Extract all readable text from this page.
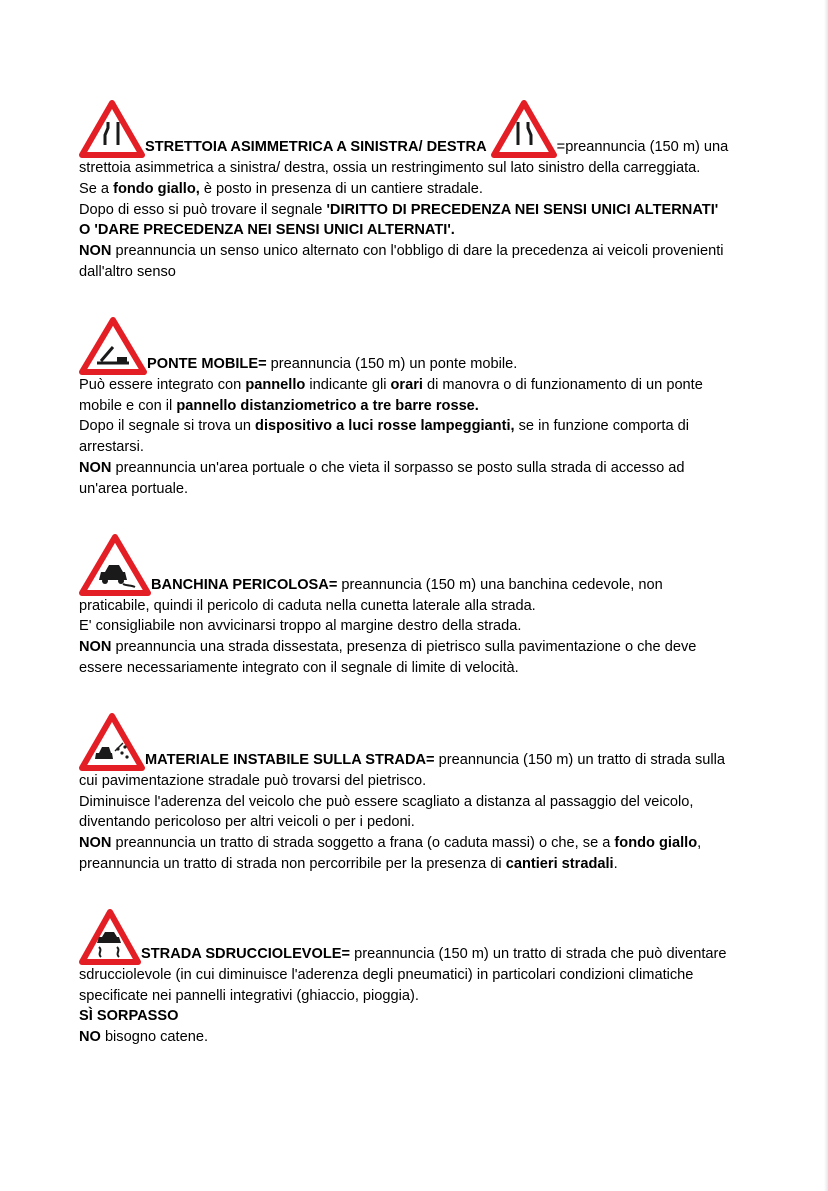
STRETTOIA ASIMMETRICA A SINISTRA/ DESTRA	=preannuncia (150 m) una strettoia asimmetrica a sinistra/ destra, ossia un restringimento sul lato sinistro della carreggiata.

Se a fondo giallo, è posto in presenza di un cantiere stradale.

Dopo di esso si può trovare il segnale 'DIRITTO DI PRECEDENZA NEI SENSI UNICI ALTERNATI' O 'DARE PRECEDENZA NEI SENSI UNICI ALTERNATI'.

NON preannuncia un senso unico alternato con l'obbligo di dare la precedenza ai veicoli provenienti dall'altro senso

PONTE MOBILE= preannuncia (150 m) un ponte mobile.

Può essere integrato con pannello indicante gli orari di manovra o di funzionamento di un ponte mobile e con il pannello distanziometrico a tre barre rosse.

Dopo il segnale si trova un dispositivo a luci rosse lampeggianti, se in funzione comporta di arrestarsi.

NON preannuncia un'area portuale o che vieta il sorpasso se posto sulla strada di accesso ad un'area portuale.

BANCHINA PERICOLOSA= preannuncia (150 m) una banchina cedevole, non praticabile, quindi il pericolo di caduta nella cunetta laterale alla strada.

E' consigliabile non avvicinarsi troppo al margine destro della strada.

NON preannuncia una strada dissestata, presenza di pietrisco sulla pavimentazione o che deve essere necessariamente integrato con il segnale di limite di velocità.

MATERIALE INSTABILE SULLA STRADA= preannuncia (150 m) un tratto di strada sulla cui pavimentazione stradale può trovarsi del pietrisco.

Diminuisce l'aderenza del veicolo che può essere scagliato a distanza al passaggio del veicolo, diventando pericoloso per altri veicoli o per i pedoni.

NON preannuncia un tratto di strada soggetto a frana (o caduta massi) o che, se a fondo giallo, preannuncia un tratto di strada non percorribile per la presenza di cantieri stradali.

STRADA SDRUCCIOLEVOLE= preannuncia (150 m) un tratto di strada che può diventare sdrucciolevole (in cui diminuisce l'aderenza degli pneumatici) in particolari condizioni climatiche specificate nei pannelli integrativi (ghiaccio, pioggia).

SÌ SORPASSO

NO bisogno catene.
